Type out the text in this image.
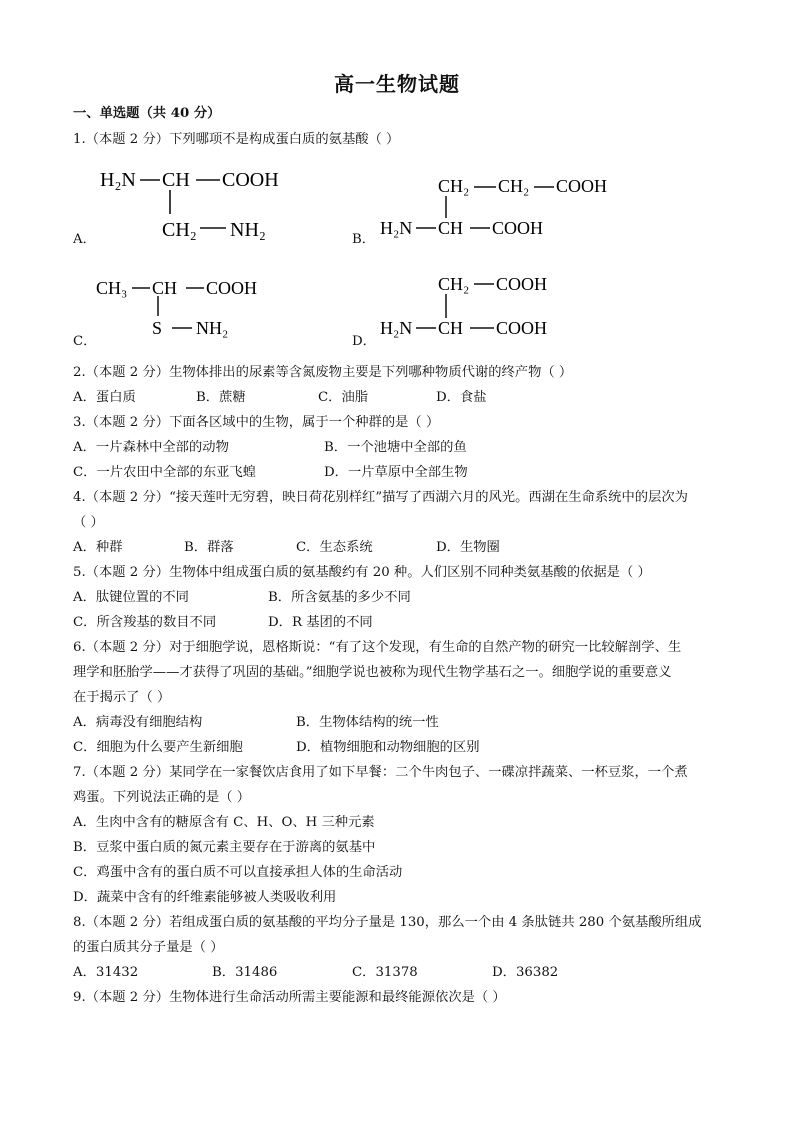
高一生物试题
一、单选题（共 40 分）
1.（本题 2 分）下列哪项不是构成蛋白质的氨基酸（ ）
A．
H₂N CH COOH
CH₂ NH₂	B．
CH₂ CH₂ COOH
H₂N CH COOH
C．
CH₃ CH COOH
S NH₂
D．
CH₂ COOH
H₂N CH COOH
2.（本题 2 分）生物体排出的尿素等含氮废物主要是下列哪种物质代谢的终产物（ ）
A．蛋白质	B．蔗糖	C．油脂	D．食盐
3.（本题 2 分）下面各区域中的生物，属于一个种群的是（ ）
A．一片森林中全部的动物	B．一个池塘中全部的鱼
C．一片农田中全部的东亚飞蝗	D．一片草原中全部生物
4.（本题 2 分）“接天莲叶无穷碧，映日荷花别样红”描写了西湖六月的风光。西湖在生命系统中的层次为
（ ）
A．种群	B．群落	C．生态系统	D．生物圈
5.（本题 2 分）生物体中组成蛋白质的氨基酸约有 20 种。人们区别不同种类氨基酸的依据是（ ）
A．肽键位置的不同	B．所含氨基的多少不同
C．所含羧基的数目不同	D．R 基团的不同
6.（本题 2 分）对于细胞学说，恩格斯说：“有了这个发现，有生命的自然产物的研究一比较解剖学、生
理学和胚胎学——才获得了巩固的基础。”细胞学说也被称为现代生物学基石之一。细胞学说的重要意义
在于揭示了（ ）
A．病毒没有细胞结构	B．生物体结构的统一性
C．细胞为什么要产生新细胞	D．植物细胞和动物细胞的区别
7.（本题 2 分）某同学在一家餐饮店食用了如下早餐：二个牛肉包子、一碟凉拌蔬菜、一杯豆浆，一个煮
鸡蛋。下列说法正确的是（ ）
A．生肉中含有的糖原含有 C、H、O、H 三种元素
B．豆浆中蛋白质的氮元素主要存在于游离的氨基中
C．鸡蛋中含有的蛋白质不可以直接承担人体的生命活动
D．蔬菜中含有的纤维素能够被人类吸收利用
8.（本题 2 分）若组成蛋白质的氨基酸的平均分子量是 130，那么一个由 4 条肽链共 280 个氨基酸所组成
的蛋白质其分子量是（ ）
A．31432	B．31486	C．31378	D．36382
9.（本题 2 分）生物体进行生命活动所需主要能源和最终能源依次是（ ）
